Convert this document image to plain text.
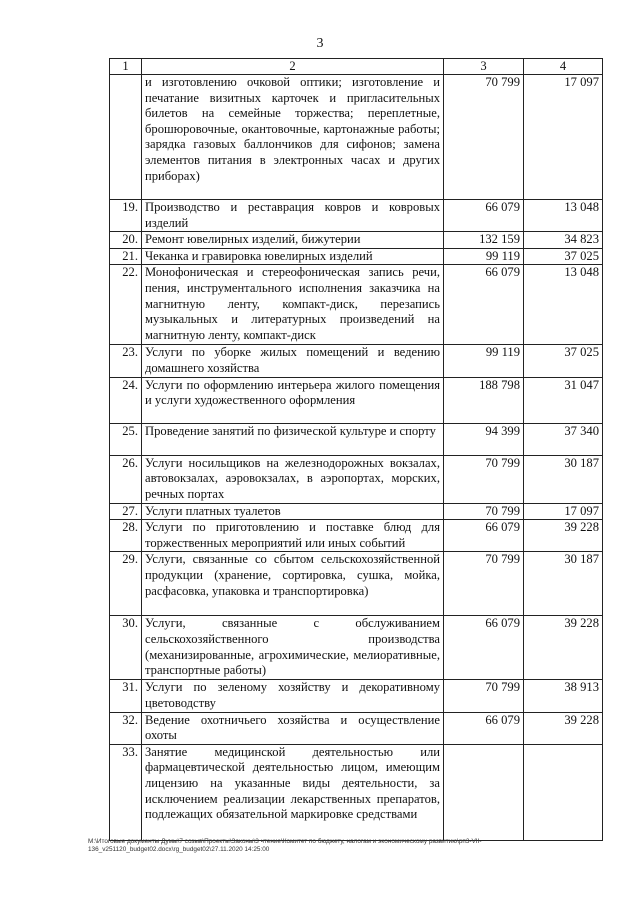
3
1	2	3	4
	и изготовлению очковой оптики; изготовление и печатание визитных карточек и пригласительных билетов на семейные торжества; переплетные, брошюровочные, окантовочные, картонажные работы; зарядка газовых баллончиков для сифонов; замена элементов питания в электронных часах и других приборах)	70 799	17 097
19.	Производство и реставрация ковров и ковровых изделий	66 079	13 048
20.	Ремонт ювелирных изделий, бижутерии	132 159	34 823
21.	Чеканка и гравировка ювелирных изделий	99 119	37 025
22.	Монофоническая и стереофоническая запись речи, пения, инструментального исполнения заказчика на магнитную ленту, компакт-диск, перезапись музыкальных и литературных произведений на магнитную ленту, компакт-диск	66 079	13 048
23.	Услуги по уборке жилых помещений и ведению домашнего хозяйства	99 119	37 025
24.	Услуги по оформлению интерьера жилого помещения и услуги художественного оформления	188 798	31 047
25.	Проведение занятий по физической культуре и спорту	94 399	37 340
26.	Услуги носильщиков на железнодорожных вокзалах, автовокзалах, аэровокзалах, в аэропортах, морских, речных портах	70 799	30 187
27.	Услуги платных туалетов	70 799	17 097
28.	Услуги по приготовлению и поставке блюд для торжественных мероприятий или иных событий	66 079	39 228
29.	Услуги, связанные со сбытом сельскохозяйственной продукции (хранение, сортировка, сушка, мойка, расфасовка, упаковка и транспортировка)	70 799	30 187
30.	Услуги, связанные с обслуживанием сельскохозяйственного производства (механизированные, агрохимические, мелиоративные, транспортные работы)	66 079	39 228
31.	Услуги по зеленому хозяйству и декоративному цветоводству	70 799	38 913
32.	Ведение охотничьего хозяйства и осуществление охоты	66 079	39 228
33.	Занятие медицинской деятельностью или фармацевтической деятельностью лицом, имеющим лицензию на указанные виды деятельности, за исключением реализации лекарственных препаратов, подлежащих обязательной маркировке средствами		
M:\Итоговые документы Думы\7 созыв\Проекты\Законы\3 чтение\Комитет по бюджету, налогам и экономическому развитию\рп3-VII-136_v251120_budget02.docx\rg_budget02\27.11.2020 14:25:00
